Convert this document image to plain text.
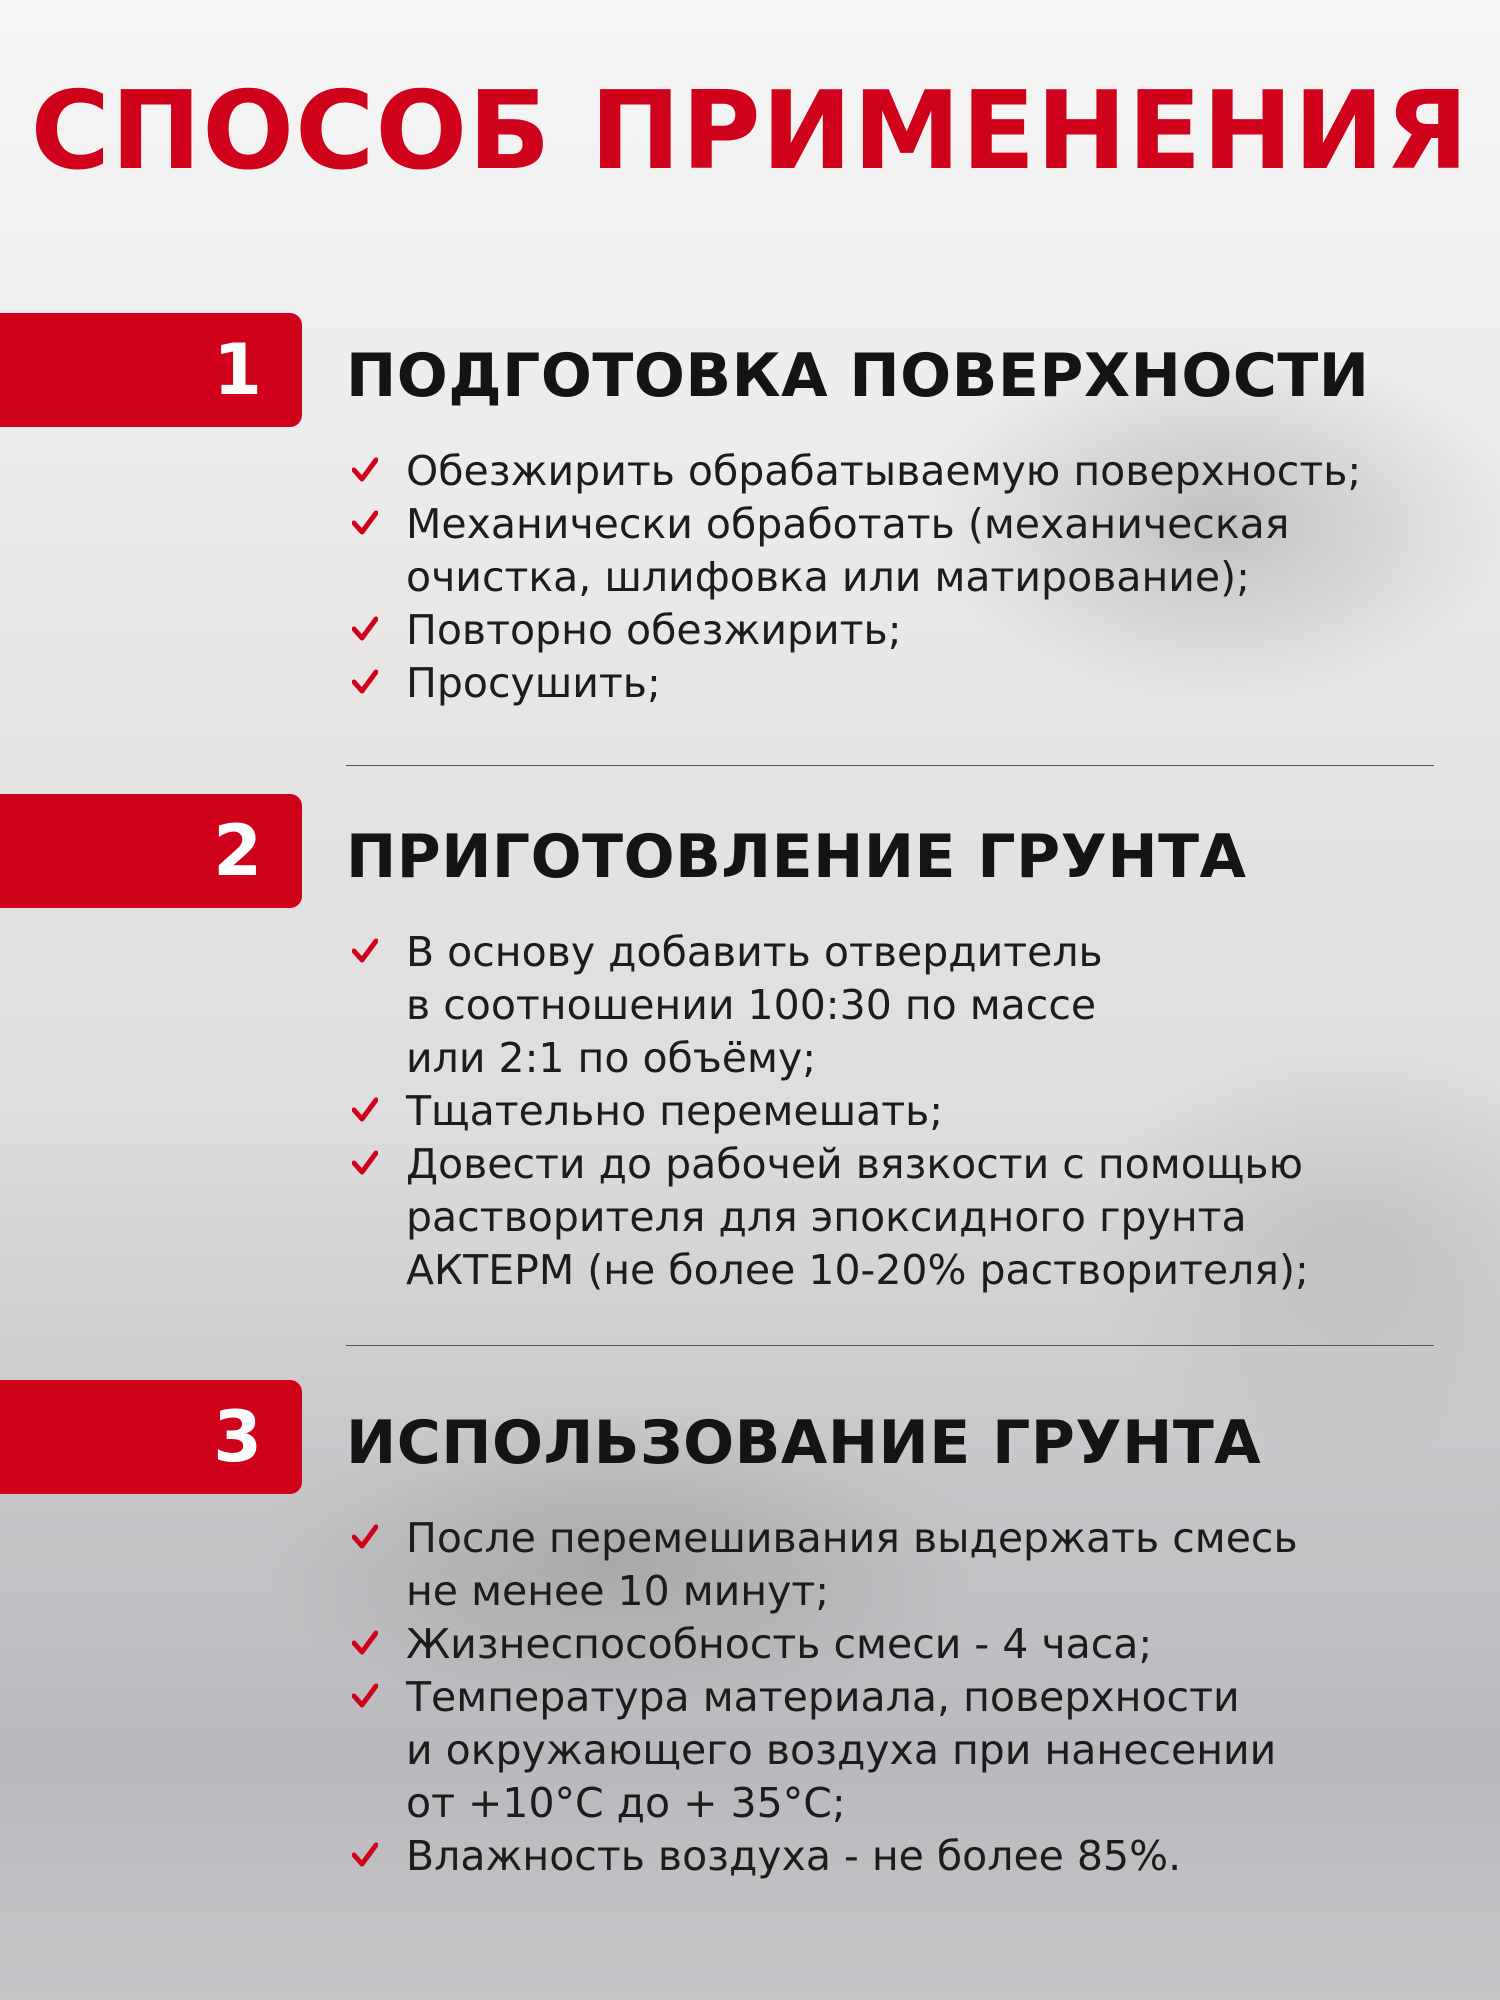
СПОСОБ ПРИМЕНЕНИЯ
1 ПОДГОТОВКА ПОВЕРХНОСТИ
Обезжирить обрабатываемую поверхность;
Механически обработать (механическая
очистка, шлифовка или матирование);
Повторно обезжирить;
Просушить;
2 ПРИГОТОВЛЕНИЕ ГРУНТА
В основу добавить отвердитель
в соотношении 100:30 по массе
или 2:1 по объёму;
Тщательно перемешать;
Довести до рабочей вязкости с помощью
растворителя для эпоксидного грунта
АКТЕРМ (не более 10-20% растворителя);
3 ИСПОЛЬЗОВАНИЕ ГРУНТА
После перемешивания выдержать смесь
не менее 10 минут;
Жизнеспособность смеси - 4 часа;
Температура материала, поверхности
и окружающего воздуха при нанесении
от +10°С до + 35°С;
Влажность воздуха - не более 85%.
